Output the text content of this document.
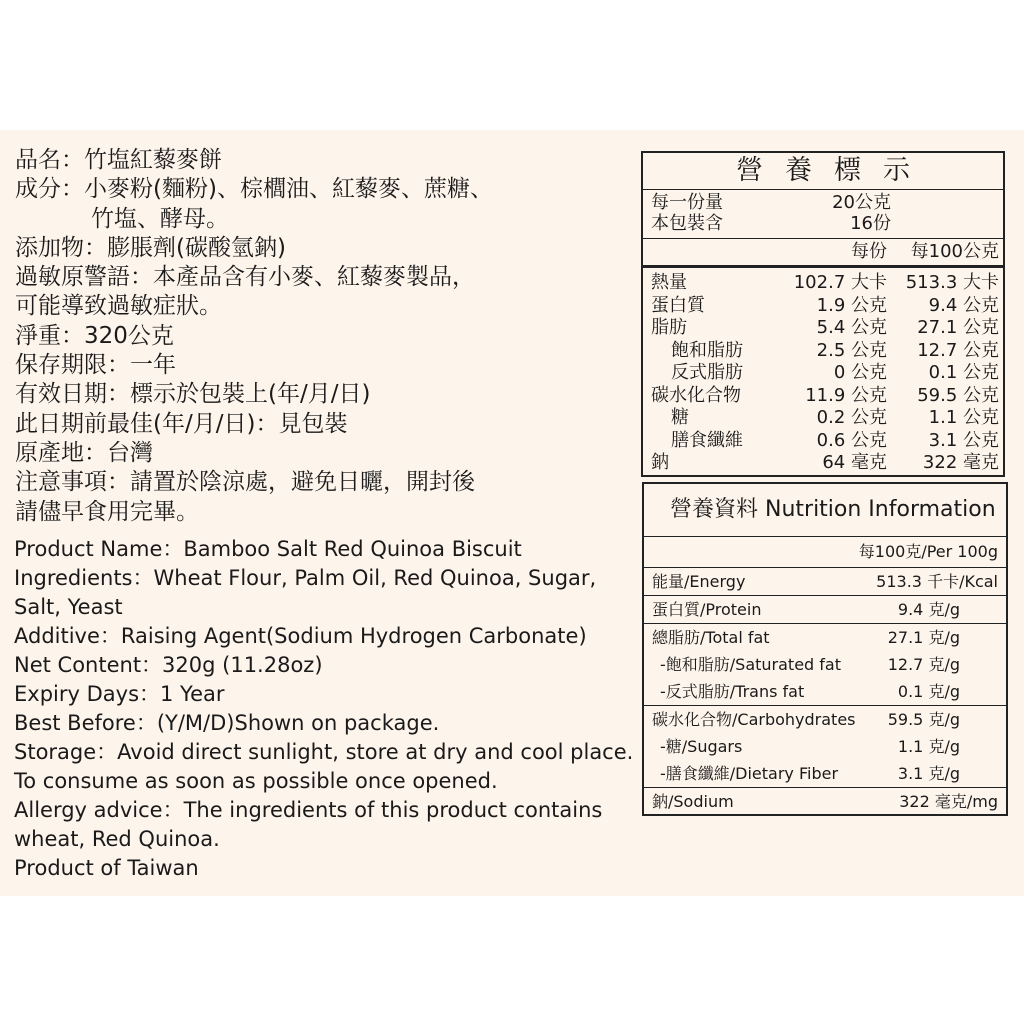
品名：竹塩紅藜麥餅
成分：小麥粉(麵粉)、棕櫚油、紅藜麥、蔗糖、
竹塩、酵母。
添加物：膨脹劑(碳酸氫鈉)
過敏原警語：本產品含有小麥、紅藜麥製品，
可能導致過敏症狀。
淨重：320公克
保存期限：一年
有效日期：標示於包裝上(年/月/日)
此日期前最佳(年/月/日)：見包裝
原產地：台灣
注意事項：請置於陰涼處，避免日曬，開封後
請儘早食用完畢。
Product Name：Bamboo Salt Red Quinoa Biscuit
Ingredients：Wheat Flour, Palm Oil, Red Quinoa, Sugar,
Salt, Yeast
Additive：Raising Agent(Sodium Hydrogen Carbonate)
Net Content：320g (11.28oz)
Expiry Days：1 Year
Best Before：(Y/M/D)Shown on package.
Storage：Avoid direct sunlight, store at dry and cool place.
To consume as soon as possible once opened.
Allergy advice：The ingredients of this product contains
wheat, Red Quinoa.
Product of Taiwan
營養標示
每一份量	20公克
本包裝含	16份
每份 每100公克
熱量	102.7 大卡 513.3 大卡
蛋白質	1.9 公克 9.4 公克
脂肪	5.4 公克 27.1 公克
飽和脂肪	2.5 公克 12.7 公克
反式脂肪	0 公克 0.1 公克
碳水化合物	11.9 公克 59.5 公克
糖	0.2 公克 1.1 公克
膳食纖維	0.6 公克 3.1 公克
鈉	64 毫克 322 毫克
營養資料 Nutrition Information
每100克/Per 100g
能量/Energy	513.3 千卡/Kcal
蛋白質/Protein	9.4 克/g
總脂肪/Total fat	27.1 克/g
-飽和脂肪/Saturated fat	12.7 克/g
-反式脂肪/Trans fat	0.1 克/g
碳水化合物/Carbohydrates 59.5 克/g
-糖/Sugars	1.1 克/g
-膳食纖維/Dietary Fiber	3.1 克/g
鈉/Sodium	322 毫克/mg
